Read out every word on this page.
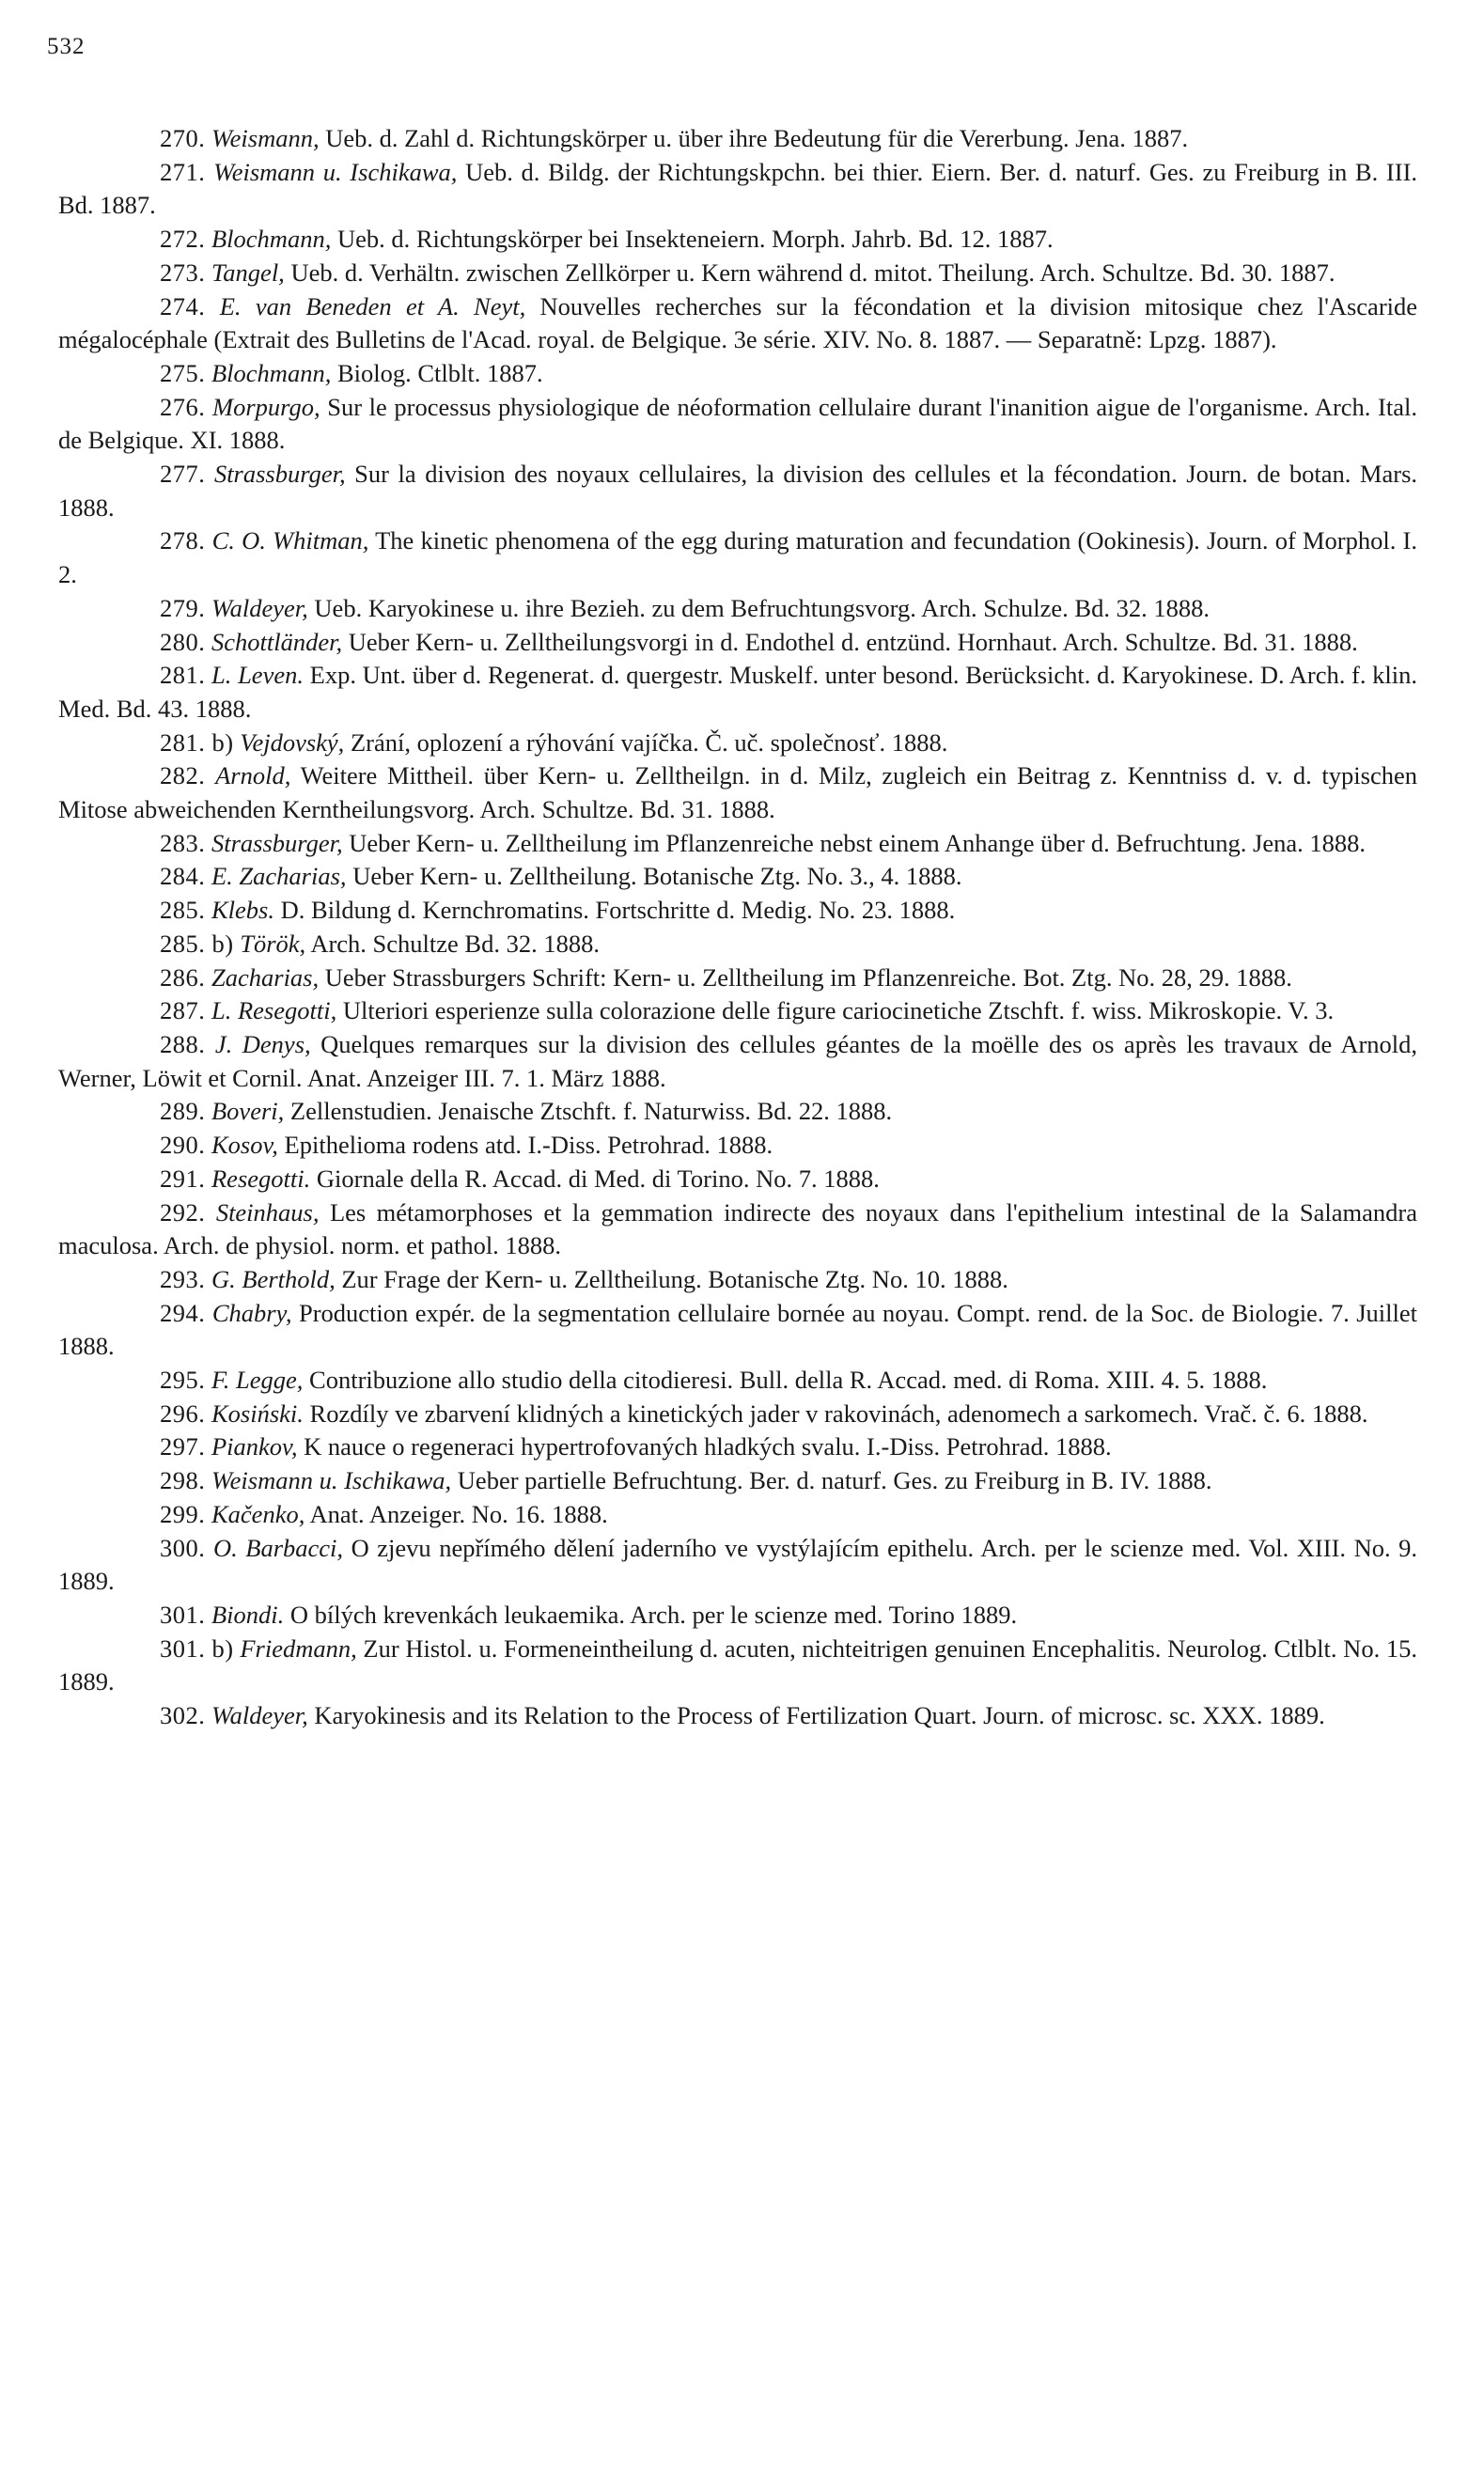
532

270. Weismann, Ueb. d. Zahl d. Richtungskörper u. über ihre Bedeutung für die Vererbung. Jena. 1887.

271. Weismann u. Ischikawa, Ueb. d. Bildg. der Richtungskpchn. bei thier. Eiern. Ber. d. naturf. Ges. zu Freiburg in B. III. Bd. 1887.

272. Blochmann, Ueb. d. Richtungskörper bei Insekteneiern. Morph. Jahrb. Bd. 12. 1887.

273. Tangel, Ueb. d. Verhältn. zwischen Zellkörper u. Kern während d. mitot. Theilung. Arch. Schultze. Bd. 30. 1887.

274. E. van Beneden et A. Neyt, Nouvelles recherches sur la fécondation et la division mitosique chez l'Ascaride mégalocéphale (Extrait des Bulletins de l'Acad. royal. de Belgique. 3e série. XIV. No. 8. 1887. — Separatně: Lpzg. 1887).

275. Blochmann, Biolog. Ctlblt. 1887.

276. Morpurgo, Sur le processus physiologique de néoformation cellulaire durant l'inanition aigue de l'organisme. Arch. Ital. de Belgique. XI. 1888.

277. Strassburger, Sur la division des noyaux cellulaires, la division des cellules et la fécondation. Journ. de botan. Mars. 1888.

278. C. O. Whitman, The kinetic phenomena of the egg during maturation and fecundation (Ookinesis). Journ. of Morphol. I. 2.

279. Waldeyer, Ueb. Karyokinese u. ihre Bezieh. zu dem Befruchtungsvorg. Arch. Schulze. Bd. 32. 1888.

280. Schottländer, Ueber Kern- u. Zelltheilungsvorgi in d. Endothel d. entzünd. Hornhaut. Arch. Schultze. Bd. 31. 1888.

281. L. Leven. Exp. Unt. über d. Regenerat. d. quergestr. Muskelf. unter besond. Berücksicht. d. Karyokinese. D. Arch. f. klin. Med. Bd. 43. 1888.

281. b) Vejdovský, Zrání, oplození a rýhování vajíčka. Č. uč. společnosť. 1888.

282. Arnold, Weitere Mittheil. über Kern- u. Zelltheilgn. in d. Milz, zugleich ein Beitrag z. Kenntniss d. v. d. typischen Mitose abweichenden Kerntheilungsvorg. Arch. Schultze. Bd. 31. 1888.

283. Strassburger, Ueber Kern- u. Zelltheilung im Pflanzenreiche nebst einem Anhange über d. Befruchtung. Jena. 1888.

284. E. Zacharias, Ueber Kern- u. Zelltheilung. Botanische Ztg. No. 3., 4. 1888.

285. Klebs. D. Bildung d. Kernchromatins. Fortschritte d. Medig. No. 23. 1888.

285. b) Török, Arch. Schultze Bd. 32. 1888.

286. Zacharias, Ueber Strassburgers Schrift: Kern- u. Zelltheilung im Pflanzenreiche. Bot. Ztg. No. 28, 29. 1888.

287. L. Resegotti, Ulteriori esperienze sulla colorazione delle figure cariocinetiche Ztschft. f. wiss. Mikroskopie. V. 3.

288. J. Denys, Quelques remarques sur la division des cellules géantes de la moëlle des os après les travaux de Arnold, Werner, Löwit et Cornil. Anat. Anzeiger III. 7. 1. März 1888.

289. Boveri, Zellenstudien. Jenaische Ztschft. f. Naturwiss. Bd. 22. 1888.

290. Kosov, Epithelioma rodens atd. I.-Diss. Petrohrad. 1888.

291. Resegotti. Giornale della R. Accad. di Med. di Torino. No. 7. 1888.

292. Steinhaus, Les métamorphoses et la gemmation indirecte des noyaux dans l'epithelium intestinal de la Salamandra maculosa. Arch. de physiol. norm. et pathol. 1888.

293. G. Berthold, Zur Frage der Kern- u. Zelltheilung. Botanische Ztg. No. 10. 1888.

294. Chabry, Production expér. de la segmentation cellulaire bornée au noyau. Compt. rend. de la Soc. de Biologie. 7. Juillet 1888.

295. F. Legge, Contribuzione allo studio della citodieresi. Bull. della R. Accad. med. di Roma. XIII. 4. 5. 1888.

296. Kosiński. Rozdíly ve zbarvení klidných a kinetických jader v rakovinách, adenomech a sarkomech. Vrač. č. 6. 1888.

297. Piankov, K nauce o regeneraci hypertrofovaných hladkých svalu. I.-Diss. Petrohrad. 1888.

298. Weismann u. Ischikawa, Ueber partielle Befruchtung. Ber. d. naturf. Ges. zu Freiburg in B. IV. 1888.

299. Kačenko, Anat. Anzeiger. No. 16. 1888.

300. O. Barbacci, O zjevu nepřímého dělení jaderního ve vystýlajícím epithelu. Arch. per le scienze med. Vol. XIII. No. 9. 1889.

301. Biondi. O bílých krevenkách leukaemika. Arch. per le scienze med. Torino 1889.

301. b) Friedmann, Zur Histol. u. Formeneintheilung d. acuten, nichteitrigen genuinen Encephalitis. Neurolog. Ctlblt. No. 15. 1889.

302. Waldeyer, Karyokinesis and its Relation to the Process of Fertilization Quart. Journ. of microsc. sc. XXX. 1889.
